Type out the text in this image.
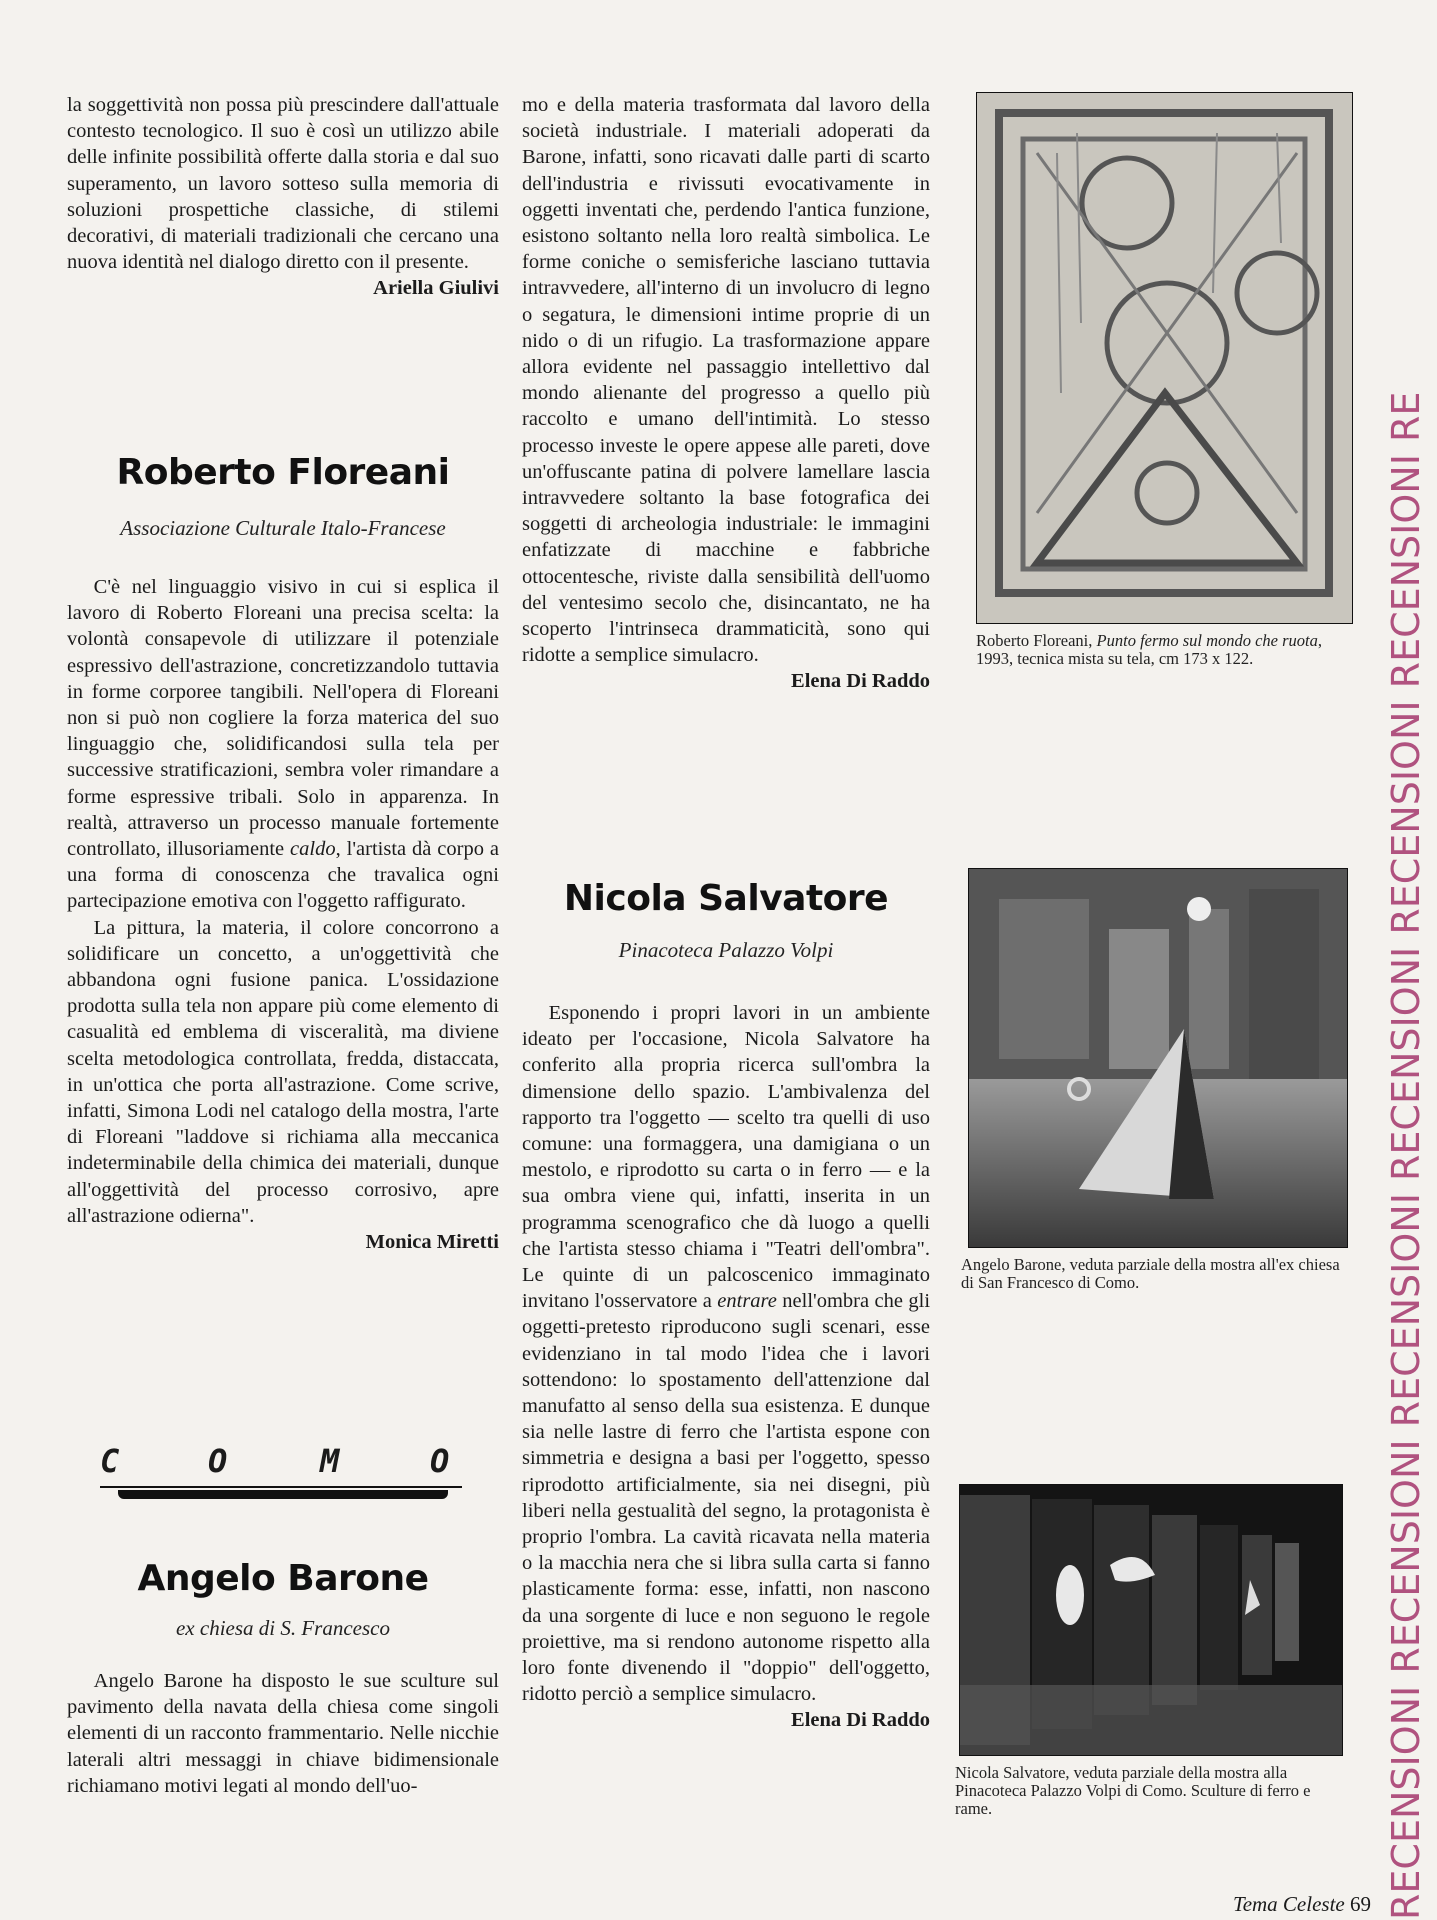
la soggettività non possa più prescindere dall'attuale contesto tecnologico. Il suo è così un utilizzo abile delle infinite possibilità offerte dalla storia e dal suo superamento, un lavoro sotteso sulla memoria di soluzioni prospettiche classiche, di stilemi decorativi, di materiali tradizionali che cercano una nuova identità nel dialogo diretto con il presente.

Ariella Giulivi

Roberto Floreani
Associazione Culturale Italo-Francese

C'è nel linguaggio visivo in cui si esplica il lavoro di Roberto Floreani una precisa scelta: la volontà consapevole di utilizzare il potenziale espressivo dell'astrazione, concretizzandolo tuttavia in forme corporee tangibili. Nell'opera di Floreani non si può non cogliere la forza materica del suo linguaggio che, solidificandosi sulla tela per successive stratificazioni, sembra voler rimandare a forme espressive tribali. Solo in apparenza. In realtà, attraverso un processo manuale fortemente controllato, illusoriamente caldo, l'artista dà corpo a una forma di conoscenza che travalica ogni partecipazione emotiva con l'oggetto raffigurato.

La pittura, la materia, il colore concorrono a solidificare un concetto, a un'oggettività che abbandona ogni fusione panica. L'ossidazione prodotta sulla tela non appare più come elemento di casualità ed emblema di visceralità, ma diviene scelta metodologica controllata, fredda, distaccata, in un'ottica che porta all'astrazione. Come scrive, infatti, Simona Lodi nel catalogo della mostra, l'arte di Floreani "laddove si richiama alla meccanica indeterminabile della chimica dei materiali, dunque all'oggettività del processo corrosivo, apre all'astrazione odierna".

Monica Miretti

C	O	M	O
Angelo Barone
ex chiesa di S. Francesco

Angelo Barone ha disposto le sue sculture sul pavimento della navata della chiesa come singoli elementi di un racconto frammentario. Nelle nicchie laterali altri messaggi in chiave bidimensionale richiamano motivi legati al mondo dell'uo-

mo e della materia trasformata dal lavoro della società industriale. I materiali adoperati da Barone, infatti, sono ricavati dalle parti di scarto dell'industria e rivissuti evocativamente in oggetti inventati che, perdendo l'antica funzione, esistono soltanto nella loro realtà simbolica. Le forme coniche o semisferiche lasciano tuttavia intravvedere, all'interno di un involucro di legno o segatura, le dimensioni intime proprie di un nido o di un rifugio. La trasformazione appare allora evidente nel passaggio intellettivo dal mondo alienante del progresso a quello più raccolto e umano dell'intimità. Lo stesso processo investe le opere appese alle pareti, dove un'offuscante patina di polvere lamellare lascia intravvedere soltanto la base fotografica dei soggetti di archeologia industriale: le immagini enfatizzate di macchine e fabbriche ottocentesche, riviste dalla sensibilità dell'uomo del ventesimo secolo che, disincantato, ne ha scoperto l'intrinseca drammaticità, sono qui ridotte a semplice simulacro.

Elena Di Raddo

Nicola Salvatore
Pinacoteca Palazzo Volpi

Esponendo i propri lavori in un ambiente ideato per l'occasione, Nicola Salvatore ha conferito alla propria ricerca sull'ombra la dimensione dello spazio. L'ambivalenza del rapporto tra l'oggetto — scelto tra quelli di uso comune: una formaggera, una damigiana o un mestolo, e riprodotto su carta o in ferro — e la sua ombra viene qui, infatti, inserita in un programma scenografico che dà luogo a quelli che l'artista stesso chiama i "Teatri dell'ombra". Le quinte di un palcoscenico immaginato invitano l'osservatore a entrare nell'ombra che gli oggetti-pretesto riproducono sugli scenari, esse evidenziano in tal modo l'idea che i lavori sottendono: lo spostamento dell'attenzione dal manufatto al senso della sua esistenza. E dunque sia nelle lastre di ferro che l'artista espone con simmetria e designa a basi per l'oggetto, spesso riprodotto artificialmente, sia nei disegni, più liberi nella gestualità del segno, la protagonista è proprio l'ombra. La cavità ricavata nella materia o la macchia nera che si libra sulla carta si fanno plasticamente forma: esse, infatti, non nascono da una sorgente di luce e non seguono le regole proiettive, ma si rendono autonome rispetto alla loro fonte divenendo il "doppio" dell'oggetto, ridotto perciò a semplice simulacro.

Elena Di Raddo

Roberto Floreani, Punto fermo sul mondo che ruota, 1993, tecnica mista su tela, cm 173 x 122.
Angelo Barone, veduta parziale della mostra all'ex chiesa di San Francesco di Como.
Nicola Salvatore, veduta parziale della mostra alla Pinacoteca Palazzo Volpi di Como. Sculture di ferro e rame.	RECENSIONI RECENSIONI RECENSIONI RECENSIONI RECENSIONI RECENSIONI RE
Tema Celeste 69
